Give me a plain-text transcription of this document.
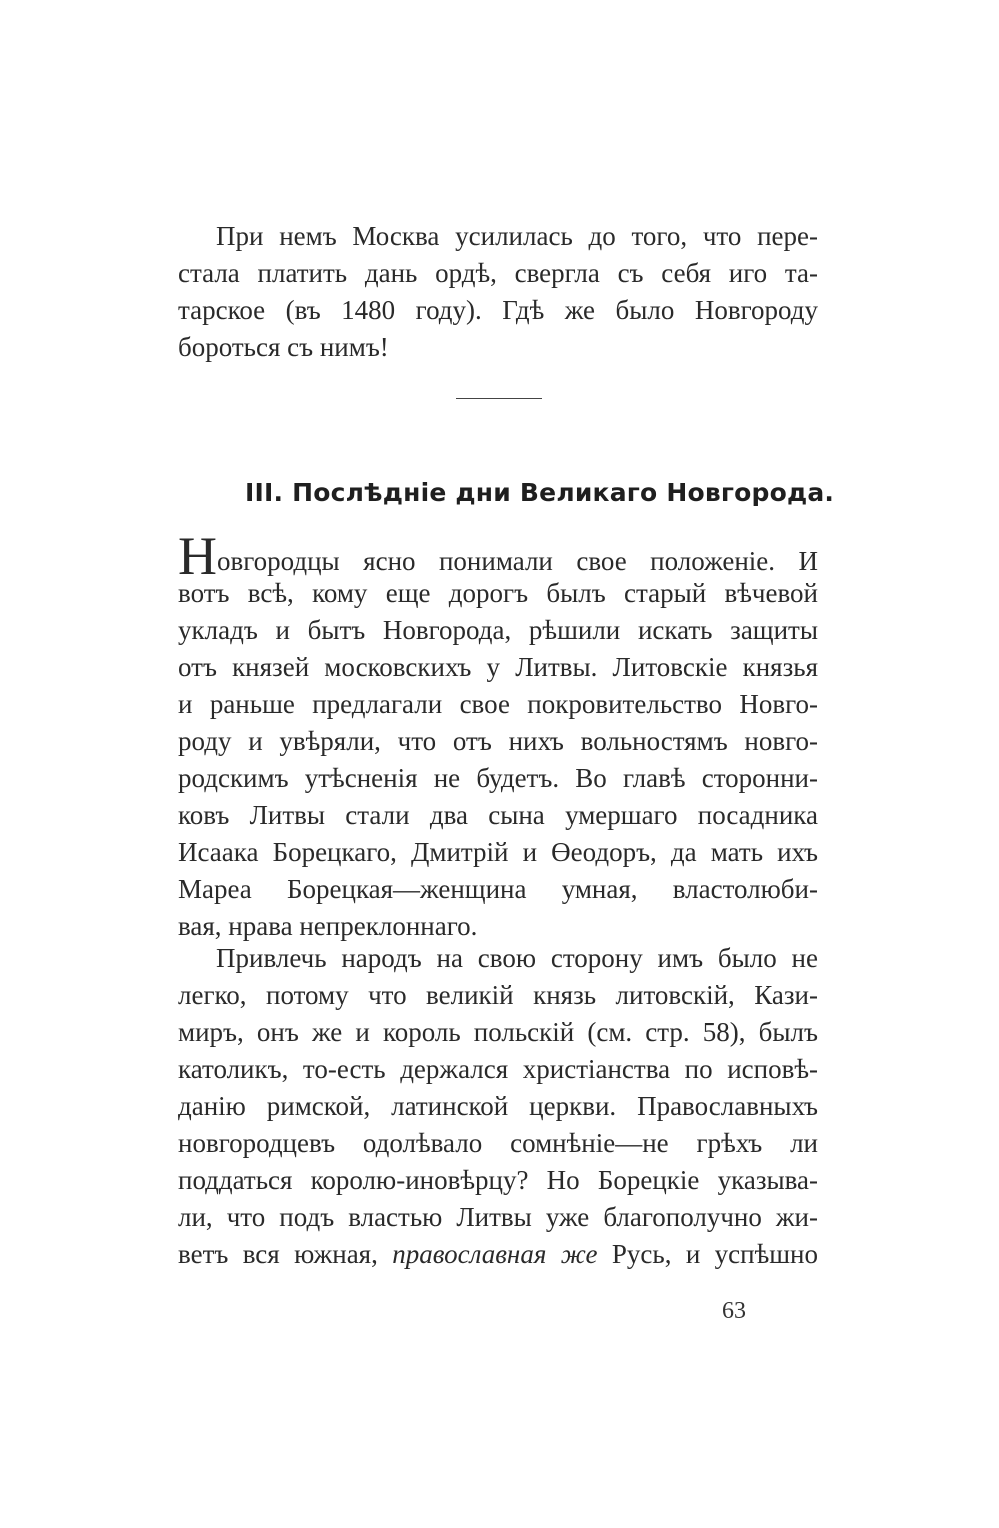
При немъ Москва усилилась до того, что пере-
стала платить дань ордѣ, свергла съ себя иго та-
тарское (въ 1480 году). Гдѣ же было Новгороду
бороться съ нимъ!
III. Послѣдніе дни Великаго Новгорода.
Новгородцы ясно понимали свое положеніе. И
вотъ всѣ, кому еще дорогъ былъ старый вѣчевой
укладъ и бытъ Новгорода, рѣшили искать защиты
отъ князей московскихъ у Литвы. Литовскіе князья
и раньше предлагали свое покровительство Новго-
роду и увѣряли, что отъ нихъ вольностямъ новго-
родскимъ утѣсненія не будетъ. Во главѣ сторонни-
ковъ Литвы стали два сына умершаго посадника
Исаака Борецкаго, Дмитрій и Өеодоръ, да мать ихъ
Мареа Борецкая—женщина умная, властолюби-
вая, нрава непреклоннаго.
Привлечь народъ на свою сторону имъ было не
легко, потому что великій князь литовскій, Кази-
миръ, онъ же и король польскій (см. стр. 58), былъ
католикъ, то-есть держался христіанства по исповѣ-
данію римской, латинской церкви. Православныхъ
новгородцевъ одолѣвало сомнѣніе—не грѣхъ ли
поддаться королю-иновѣрцу? Но Борецкіе указыва-
ли, что подъ властью Литвы уже благополучно жи-
ветъ вся южная, православная же Русь, и успѣшно
63
